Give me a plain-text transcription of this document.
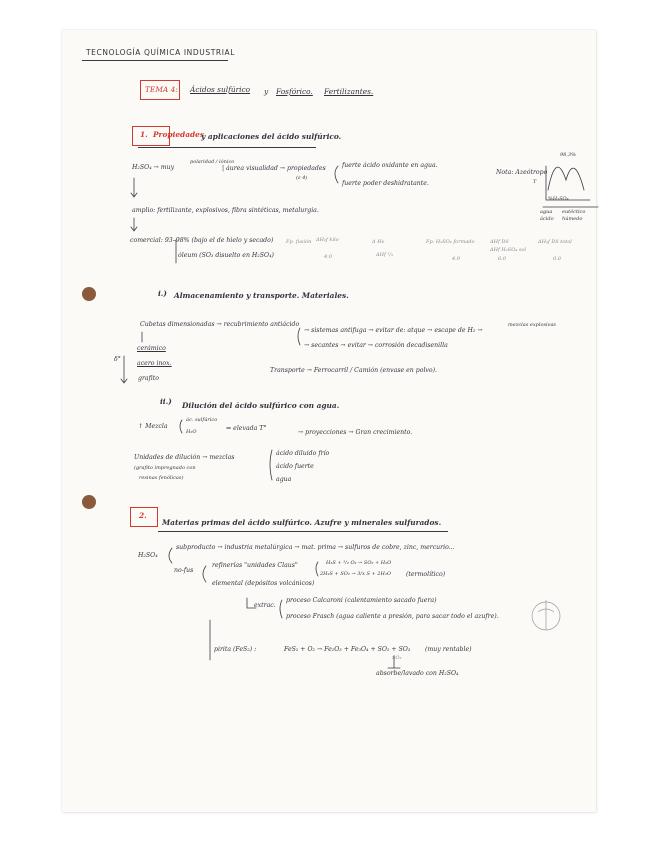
TECNOLOGÍA QUÍMICA INDUSTRIAL
TEMA 4: Ácidos sulfúrico y Fosfórico. Fertilizantes.
1. Propiedades
y aplicaciones del ácido sulfúrico.
H₂SO₄ → muy
polaridad / iónico
| áurea visualidad → propiedades
(ε 4)
fuerte ácido oxidante en agua.
fuerte poder deshidratante.
amplio: fertilizante, explosivos, fibra sintéticas, metalurgia.
comercial: 93–98% (bajo el de hielo y secado)
óleum (SO₃ disuelto en H₂SO₄)
ΔH₂ƒ kilo
Fp. fusión	Δ Hv
ΔHf ¹/₂
Fp. H₂SO₄ formado	ΔHf Dil
ΔHf H₂SO₄ sol
ΔH₂ƒ Dil total
4.0	4.9	6.0	0.0
Nota: Azeótropo
98,3%
T
%H₂SO₄
agua
ácido
eutéctico
húmedo
i.) Almacenamiento y transporte. Materiales.
Cubetas dimensionadas → recubrimiento antiácido
→ sistemas antifuga → evitar de: atque → escape de H₂ →
mezclas explosivas
→ secantes → evitar → corrosión decadisenilla
cerámico
acero inox.
grafito
δ°
Transporte → Ferrocarril / Camión (envase en polvo).
ii.) Dilución del ácido sulfúrico con agua.
↑ Mezcla
ác. sulfúrico
H₂O	⇒ elevada T°
→ proyecciones → Gran crecimiento.
Unidades de dilución → mezclas
(grafito impregnado con
resinas fenólicas)
ácido diluido frío
ácido fuerte
agua
2.
Materias primas del ácido sulfúrico. Azufre y minerales sulfurados.
H₂SO₄
subproducto → industria metalúrgica → mat. prima → sulfuros de cobre, zinc, mercurio...
no-fus
refinerías "unidades Claus"	H₂S + ³/₂ O₂ → SO₂ + H₂O
2H₂S + SO₂ → 3/x S + 2H₂O (termolítico)
elemental (depósitos volcánicos)
extrac.
proceso Calcaroni (calentamiento sacado fuera)
proceso Frasch (agua caliente a presión, para sacar todo el azufre).
pirita (FeS₂) :	FeS₂ + O₂ → Fe₂O₃ + Fe₃O₄ + SO₂ + SO₃ (muy rentable)
SO₃
absorbe/lavado con H₂SO₄
